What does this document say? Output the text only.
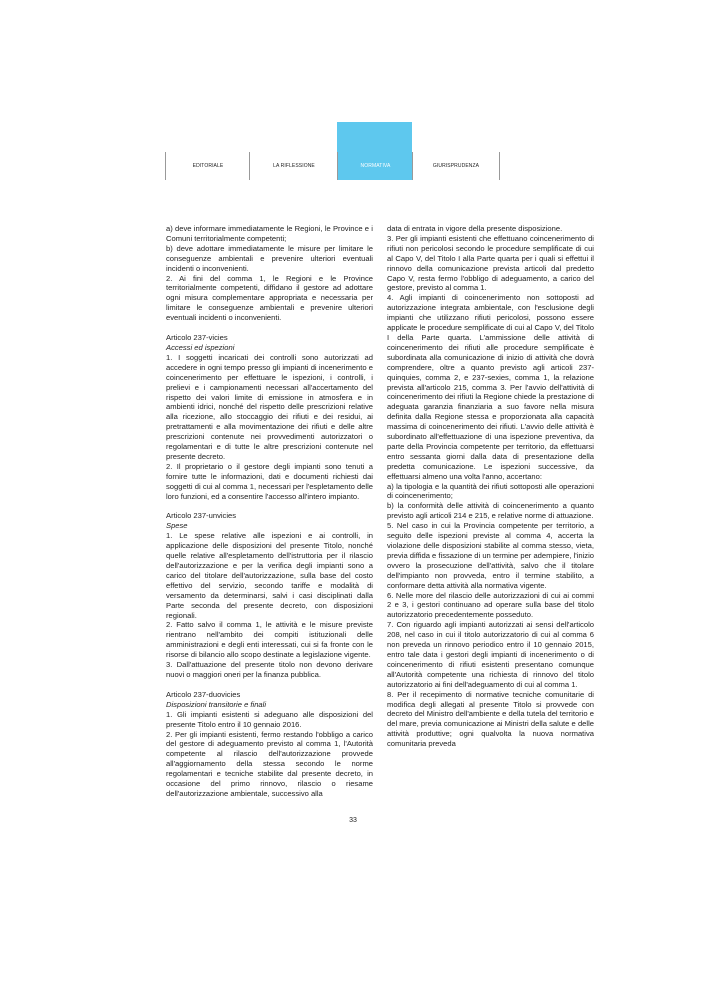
EDITORIALE	LA RIFLESSIONE	NORMATIVA	GIURISPRUDENZA

a) deve informare immediatamente le Regioni, le Province e i Comuni territorialmente competenti;

b) deve adottare immediatamente le misure per limitare le conseguenze ambientali e prevenire ulteriori eventuali incidenti o inconvenienti.

2. Ai fini del comma 1, le Regioni e le Province territorialmente competenti, diffidano il gestore ad adottare ogni misura complementare appropriata e necessaria per limitare le conseguenze ambientali e prevenire ulteriori eventuali incidenti o inconvenienti.

Articolo 237-vicies

Accessi ed ispezioni

1. I soggetti incaricati dei controlli sono autorizzati ad accedere in ogni tempo presso gli impianti di incenerimento e coincenerimento per effettuare le ispezioni, i controlli, i prelievi e i campionamenti necessari all'accertamento del rispetto dei valori limite di emissione in atmosfera e in ambienti idrici, nonché del rispetto delle prescrizioni relative alla ricezione, allo stoccaggio dei rifiuti e dei residui, ai pretrattamenti e alla movimentazione dei rifiuti e delle altre prescrizioni contenute nei provvedimenti autorizzatori o regolamentari e di tutte le altre prescrizioni contenute nel presente decreto.

2. Il proprietario o il gestore degli impianti sono tenuti a fornire tutte le informazioni, dati e documenti richiesti dai soggetti di cui al comma 1, necessari per l'espletamento delle loro funzioni, ed a consentire l'accesso all'intero impianto.

Articolo 237-unvicies

Spese

1. Le spese relative alle ispezioni e ai controlli, in applicazione delle disposizioni del presente Titolo, nonché quelle relative all'espletamento dell'istruttoria per il rilascio dell'autorizzazione e per la verifica degli impianti sono a carico del titolare dell'autorizzazione, sulla base del costo effettivo del servizio, secondo tariffe e modalità di versamento da determinarsi, salvi i casi disciplinati dalla Parte seconda del presente decreto, con disposizioni regionali.

2. Fatto salvo il comma 1, le attività e le misure previste rientrano nell'ambito dei compiti istituzionali delle amministrazioni e degli enti interessati, cui si fa fronte con le risorse di bilancio allo scopo destinate a legislazione vigente.

3. Dall'attuazione del presente titolo non devono derivare nuovi o maggiori oneri per la finanza pubblica.

Articolo 237-duovicies

Disposizioni transitorie e finali

1. Gli impianti esistenti si adeguano alle disposizioni del presente Titolo entro il 10 gennaio 2016.

2. Per gli impianti esistenti, fermo restando l'obbligo a carico del gestore di adeguamento previsto al comma 1, l'Autorità competente al rilascio dell'autorizzazione provvede all'aggiornamento della stessa secondo le norme regolamentari e tecniche stabilite dal presente decreto, in occasione del primo rinnovo, rilascio o riesame dell'autorizzazione ambientale, successivo alla

data di entrata in vigore della presente disposizione.

3. Per gli impianti esistenti che effettuano coincenerimento di rifiuti non pericolosi secondo le procedure semplificate di cui al Capo V, del Titolo I alla Parte quarta per i quali si effettui il rinnovo della comunicazione prevista articoli dal predetto Capo V, resta fermo l'obbligo di adeguamento, a carico del gestore, previsto al comma 1.

4. Agli impianti di coincenerimento non sottoposti ad autorizzazione integrata ambientale, con l'esclusione degli impianti che utilizzano rifiuti pericolosi, possono essere applicate le procedure semplificate di cui al Capo V, del Titolo I della Parte quarta. L'ammissione delle attività di coincenerimento dei rifiuti alle procedure semplificate è subordinata alla comunicazione di inizio di attività che dovrà comprendere, oltre a quanto previsto agli articoli 237-quinquies, comma 2, e 237-sexies, comma 1, la relazione prevista all'articolo 215, comma 3. Per l'avvio dell'attività di coincenerimento dei rifiuti la Regione chiede la prestazione di adeguata garanzia finanziaria a suo favore nella misura definita dalla Regione stessa e proporzionata alla capacità massima di coincenerimento dei rifiuti. L'avvio delle attività è subordinato all'effettuazione di una ispezione preventiva, da parte della Provincia competente per territorio, da effettuarsi entro sessanta giorni dalla data di presentazione della predetta comunicazione. Le ispezioni successive, da effettuarsi almeno una volta l'anno, accertano:

a) la tipologia e la quantità dei rifiuti sottoposti alle operazioni di coincenerimento;

b) la conformità delle attività di coincenerimento a quanto previsto agli articoli 214 e 215, e relative norme di attuazione.

5. Nel caso in cui la Provincia competente per territorio, a seguito delle ispezioni previste al comma 4, accerta la violazione delle disposizioni stabilite al comma stesso, vieta, previa diffida e fissazione di un termine per adempiere, l'inizio ovvero la prosecuzione dell'attività, salvo che il titolare dell'impianto non provveda, entro il termine stabilito, a conformare detta attività alla normativa vigente.

6. Nelle more del rilascio delle autorizzazioni di cui ai commi 2 e 3, i gestori continuano ad operare sulla base del titolo autorizzatorio precedentemente posseduto.

7. Con riguardo agli impianti autorizzati ai sensi dell'articolo 208, nel caso in cui il titolo autorizzatorio di cui al comma 6 non preveda un rinnovo periodico entro il 10 gennaio 2015, entro tale data i gestori degli impianti di incenerimento o di coincenerimento di rifiuti esistenti presentano comunque all'Autorità competente una richiesta di rinnovo del titolo autorizzatorio ai fini dell'adeguamento di cui al comma 1.

8. Per il recepimento di normative tecniche comunitarie di modifica degli allegati al presente Titolo si provvede con decreto del Ministro dell'ambiente e della tutela del territorio e del mare, previa comunicazione ai Ministri della salute e delle attività produttive; ogni qualvolta la nuova normativa comunitaria preveda

33
